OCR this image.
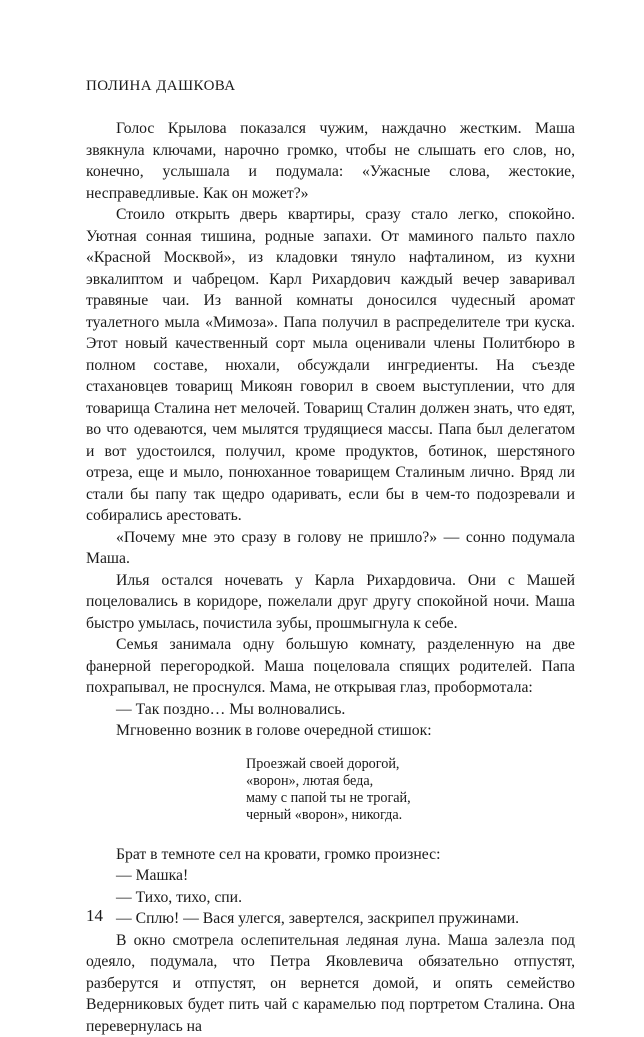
ПОЛИНА ДАШКОВА

Голос Крылова показался чужим, наждачно жестким. Маша звякнула ключами, нарочно громко, чтобы не слышать его слов, но, конечно, услышала и подумала: «Ужасные слова, жестокие, несправедливые. Как он может?»

Стоило открыть дверь квартиры, сразу стало легко, спокойно. Уютная сонная тишина, родные запахи. От маминого пальто пахло «Красной Москвой», из кладовки тянуло нафталином, из кухни эвкалиптом и чабрецом. Карл Рихардович каждый вечер заваривал травяные чаи. Из ванной комнаты доносился чудесный аромат туалетного мыла «Мимоза». Папа получил в распределителе три куска. Этот новый качественный сорт мыла оценивали члены Политбюро в полном составе, нюхали, обсуждали ингредиенты. На съезде стахановцев товарищ Микоян говорил в своем выступлении, что для товарища Сталина нет мелочей. Товарищ Сталин должен знать, что едят, во что одеваются, чем мылятся трудящиеся массы. Папа был делегатом и вот удостоился, получил, кроме продуктов, ботинок, шерстяного отреза, еще и мыло, понюханное товарищем Сталиным лично. Вряд ли стали бы папу так щедро одаривать, если бы в чем-то подозревали и собирались арестовать.

«Почему мне это сразу в голову не пришло?» — сонно подумала Маша.

Илья остался ночевать у Карла Рихардовича. Они с Машей поцеловались в коридоре, пожелали друг другу спокойной ночи. Маша быстро умылась, почистила зубы, прошмыгнула к себе.

Семья занимала одну большую комнату, разделенную на две фанерной перегородкой. Маша поцеловала спящих родителей. Папа похрапывал, не проснулся. Мама, не открывая глаз, пробормотала:

— Так поздно… Мы волновались.

Мгновенно возник в голове очередной стишок:

Проезжай своей дорогой,
«ворон», лютая беда,
маму с папой ты не трогай,
черный «ворон», никогда.

Брат в темноте сел на кровати, громко произнес:

— Машка!

— Тихо, тихо, спи.

— Сплю! — Вася улегся, завертелся, заскрипел пружинами.

В окно смотрела ослепительная ледяная луна. Маша залезла под одеяло, подумала, что Петра Яковлевича обязательно отпустят, разберутся и отпустят, он вернется домой, и опять семейство Ведерниковых будет пить чай с карамелью под портретом Сталина. Она перевернулась на

14
